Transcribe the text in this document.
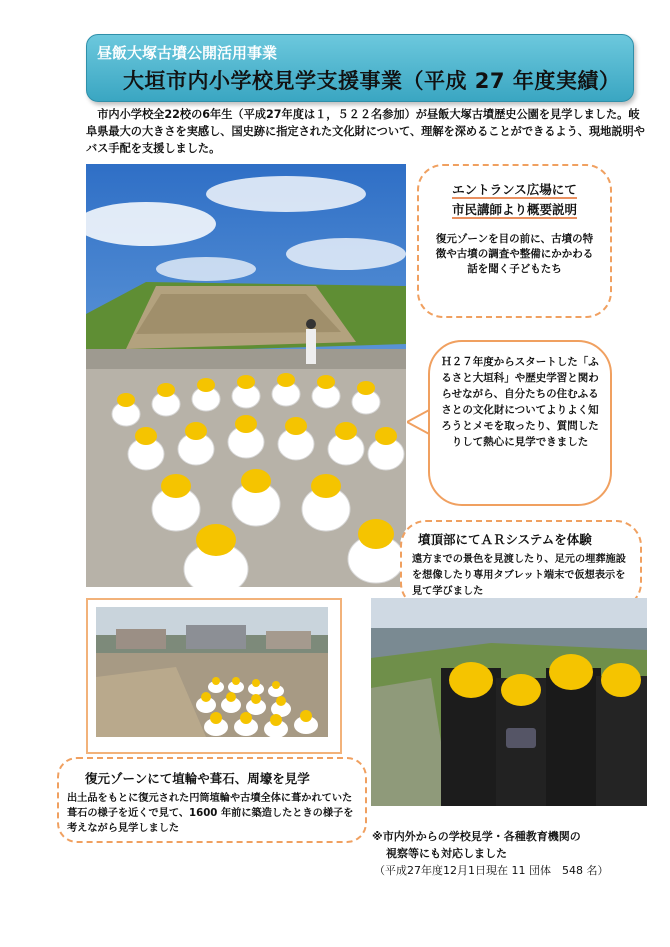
昼飯大塚古墳公開活用事業
大垣市内小学校見学支援事業（平成 27 年度実績）
市内小学校全22校の6年生（平成27年度は１，５２２名参加）が昼飯大塚古墳歴史公園を見学しました。岐阜県最大の大きさを実感し、国史跡に指定された文化財について、理解を深めることができるよう、現地説明やバス手配を支援しました。
エントランス広場にて
市民講師より概要説明
復元ゾーンを目の前に、古墳の特徴や古墳の調査や整備にかかわる話を聞く子どもたち
Ｈ２７年度からスタートした「ふるさと大垣科」や歴史学習と関わらせながら、自分たちの住むふるさとの文化財についてよりよく知ろうとメモを取ったり、質問したりして熱心に見学できました
墳頂部にてＡＲシステムを体験
遠方までの景色を見渡したり、足元の埋葬施設を想像したり専用タブレット端末で仮想表示を見て学びました
復元ゾーンにて埴輪や葺石、周壕を見学
出土品をもとに復元された円筒埴輪や古墳全体に葺かれていた葺石の様子を近くで見て、1600 年前に築造したときの様子を考えながら見学しました
※市内外からの学校見学・各種教育機関の
視察等にも対応しました
（平成27年度12月1日現在 11 団体　548 名）
